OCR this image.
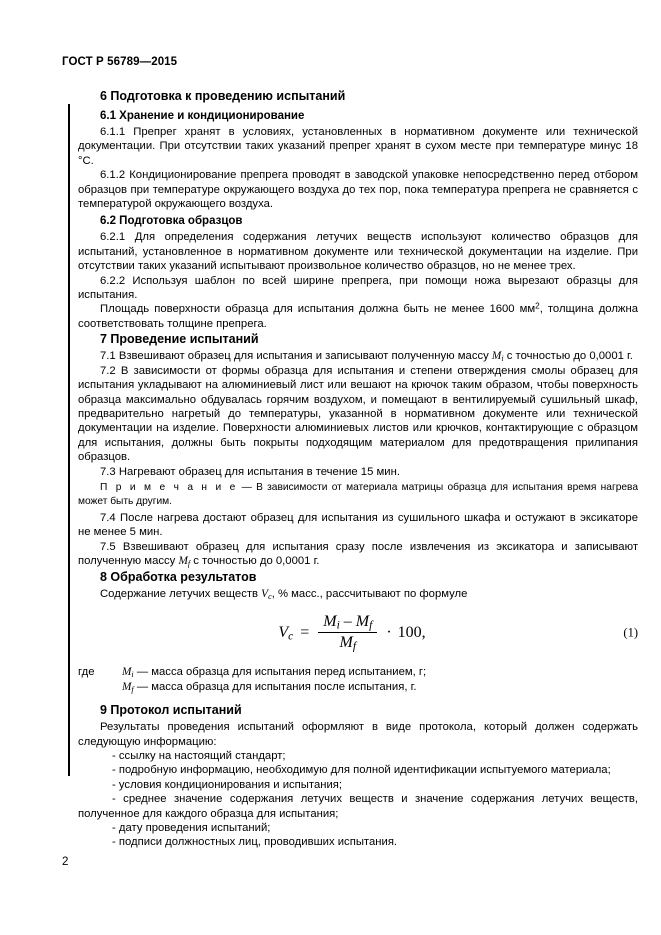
ГОСТ Р 56789—2015
6 Подготовка к проведению испытаний
6.1 Хранение и кондиционирование

6.1.1 Препрег хранят в условиях, установленных в нормативном документе или технической документации. При отсутствии таких указаний препрег хранят в сухом месте при температуре минус 18 °C.

6.1.2 Кондиционирование препрега проводят в заводской упаковке непосредственно перед отбором образцов при температуре окружающего воздуха до тех пор, пока температура препрега не сравняется с температурой окружающего воздуха.

6.2 Подготовка образцов

6.2.1 Для определения содержания летучих веществ используют количество образцов для испытаний, установленное в нормативном документе или технической документации на изделие. При отсутствии таких указаний испытывают произвольное количество образцов, но не менее трех.

6.2.2 Используя шаблон по всей ширине препрега, при помощи ножа вырезают образцы для испытания.

Площадь поверхности образца для испытания должна быть не менее 1600 $мм^2$, толщина должна соответствовать толщине препрега.

7 Проведение испытаний

7.1 Взвешивают образец для испытания и записывают полученную массу $M_i$ с точностью до 0,0001 г.

7.2 В зависимости от формы образца для испытания и степени отверждения смолы образец для испытания укладывают на алюминиевый лист или вешают на крючок таким образом, чтобы поверхность образца максимально обдувалась горячим воздухом, и помещают в вентилируемый сушильный шкаф, предварительно нагретый до температуры, указанной в нормативном документе или технической документации на изделие. Поверхности алюминиевых листов или крючков, контактирующие с образцом для испытания, должны быть покрыты подходящим материалом для предотвращения прилипания образцов.

7.3 Нагревают образец для испытания в течение 15 мин.

П р и м е ч а н и е — В зависимости от материала матрицы образца для испытания время нагрева может быть другим.

7.4 После нагрева достают образец для испытания из сушильного шкафа и остужают в эксикаторе не менее 5 мин.

7.5 Взвешивают образец для испытания сразу после извлечения из эксикатора и записывают полученную массу $M_f$ с точностью до 0,0001 г.

8 Обработка результатов

Содержание летучих веществ $V_c$, % масс., рассчитывают по формуле

$V_c = \frac{M_i - M_f}{M_f} \cdot 100$,	(1)
где	$M_i$ — масса образца для испытания перед испытанием, г;
$M_f$ — масса образца для испытания после испытания, г.
9 Протокол испытаний

Результаты проведения испытаний оформляют в виде протокола, который должен содержать следующую информацию:

- ссылку на настоящий стандарт;

- подробную информацию, необходимую для полной идентификации испытуемого материала;

- условия кондиционирования и испытания;

- среднее значение содержания летучих веществ и значение содержания летучих веществ, полученное для каждого образца для испытания;

- дату проведения испытаний;

- подписи должностных лиц, проводивших испытания.

2
